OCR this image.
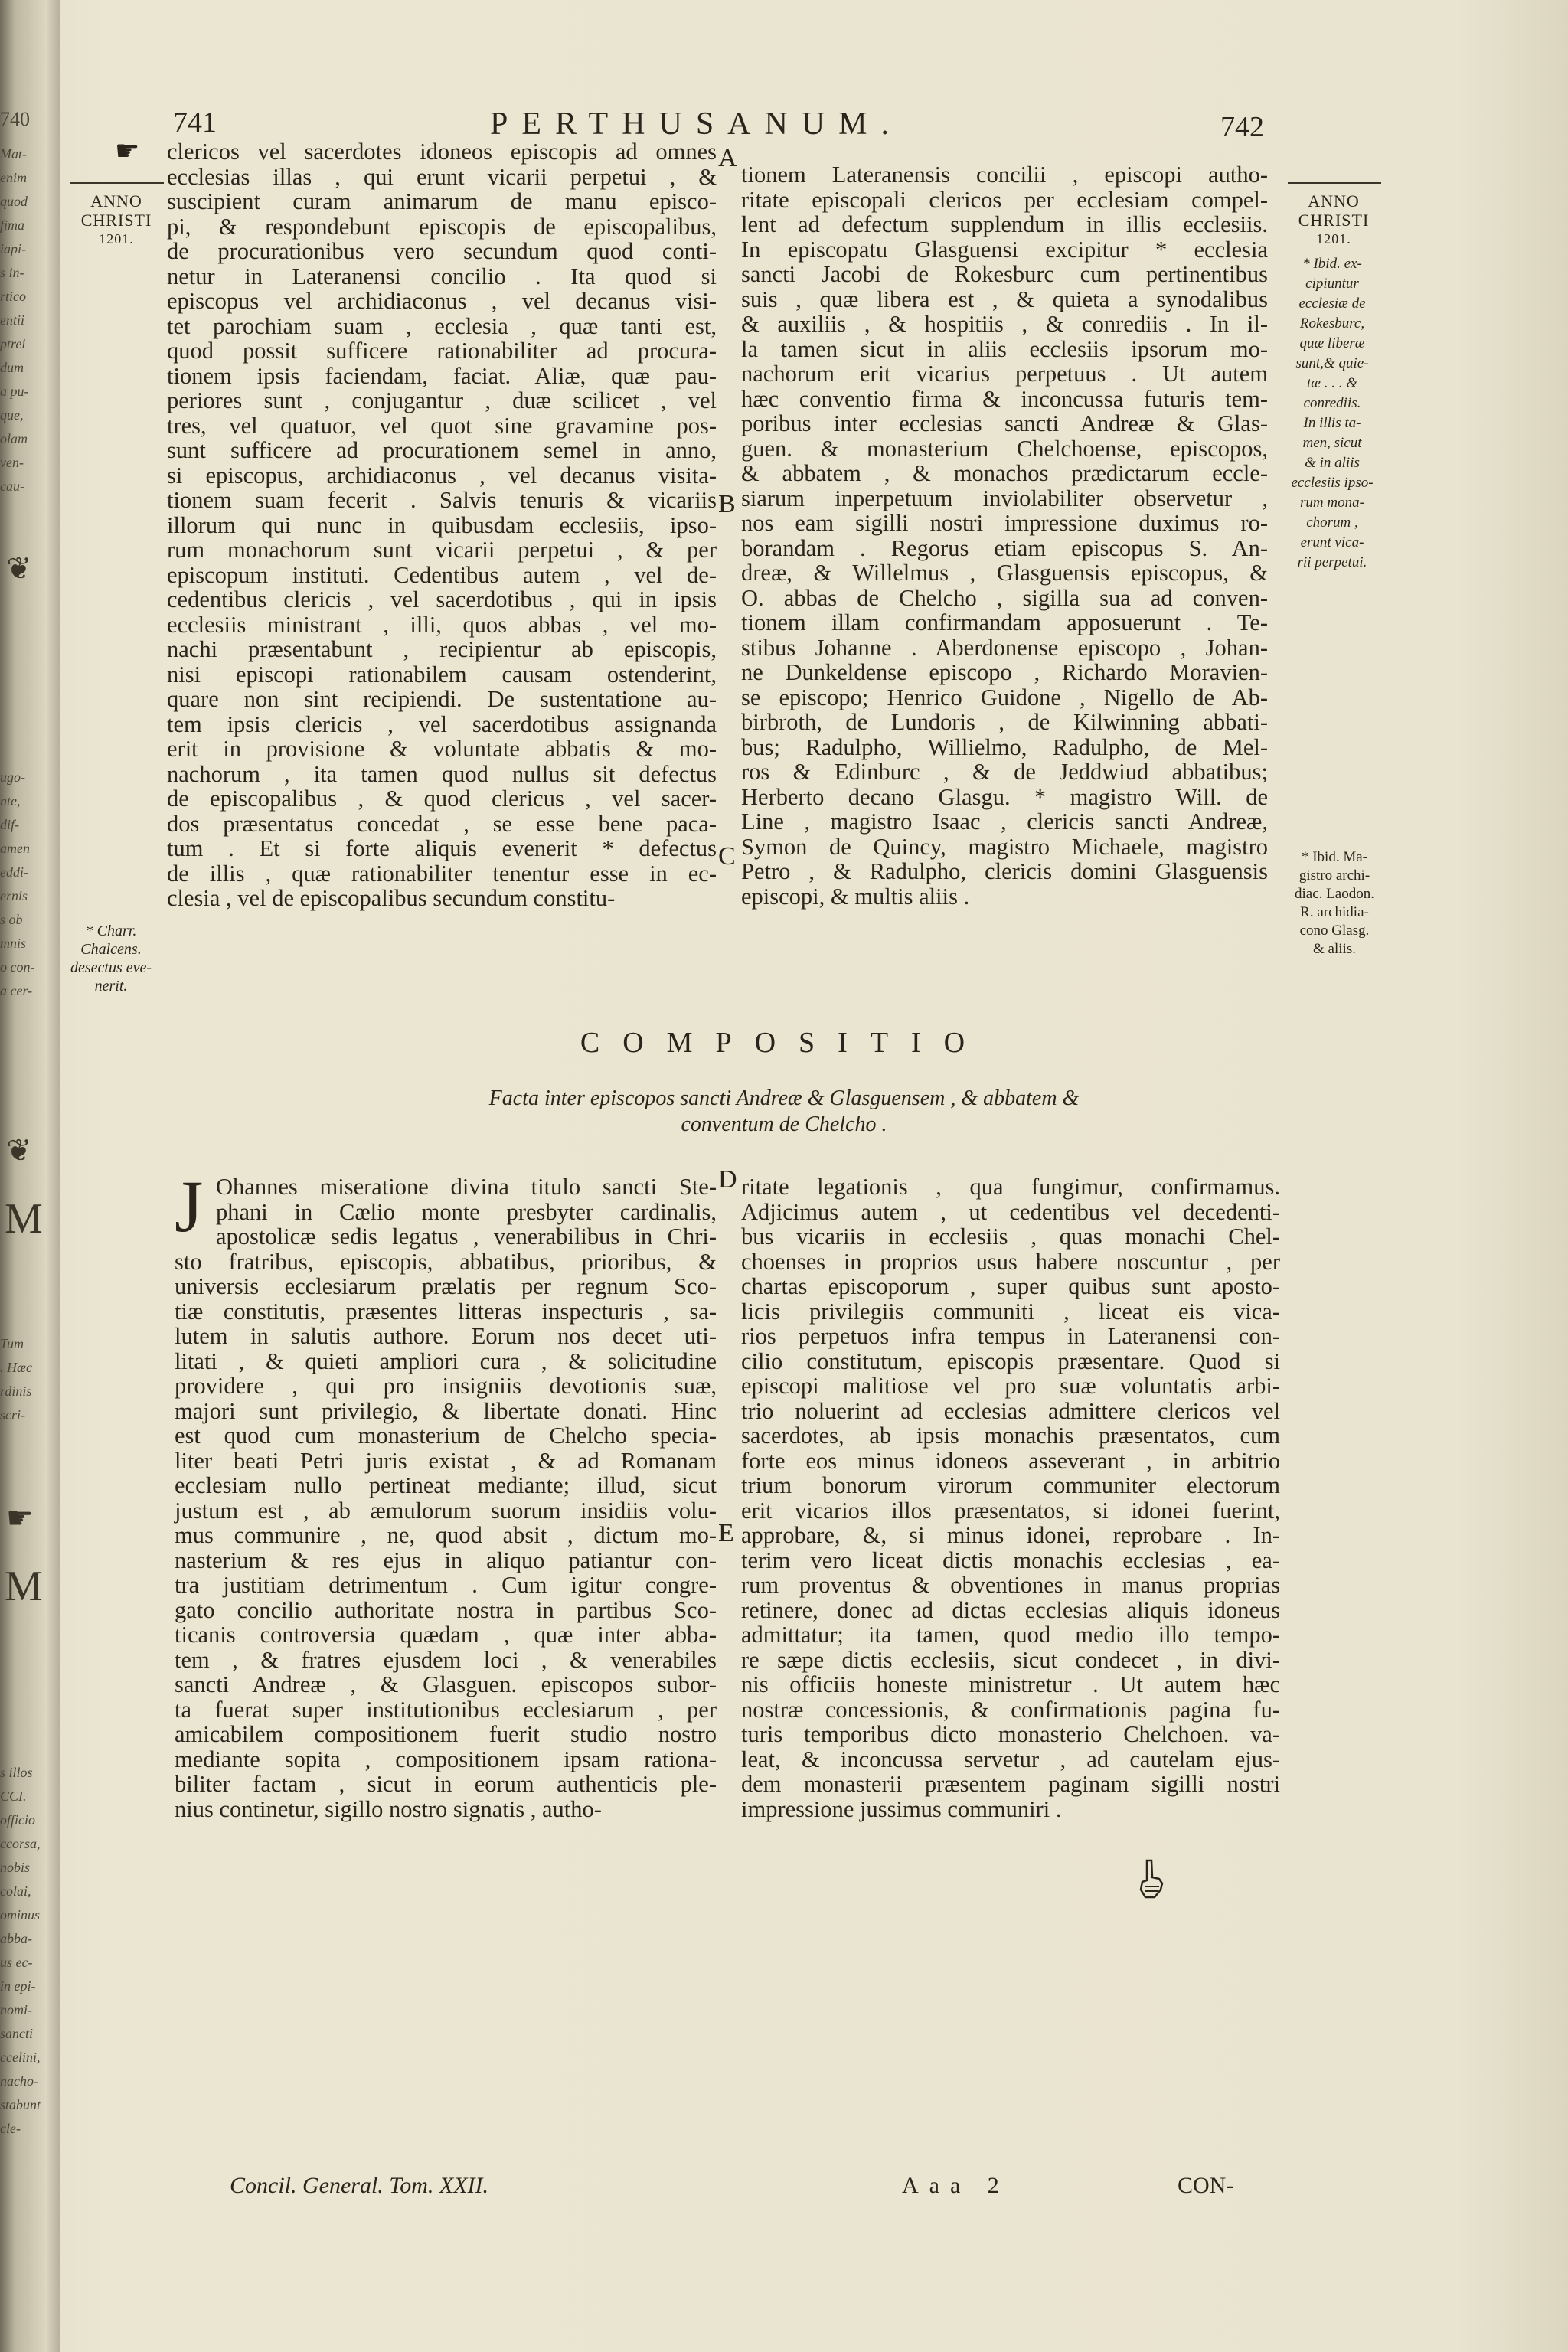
740
Mat-
enim
quod
fima
iapi-
s in-
rtico
entii
ptrei
dum
a pu-
que,
olam
ven-
cau-
❦
ugo-
nte,
dif-
amen
eddi-
ernis
s ob
mnis
o con-
a cer-
❦
M
Tum
. Hæc
rdinis
scri-
☛
M
s illos
CCI.
officio
ccorsa,
nobis
colai,
ominus
abba-
us ec-
in epi-
nomi-
sancti
ccelini,
nacho-
stabunt
cle-
741	PERTHUSANUM.	742
☛
ANNO
CHRISTI
1201.
* Charr.
Chalcens.
desectus eve-
nerit.
ANNO
CHRISTI
1201.
* Ibid. ex-
cipiuntur
ecclesiæ de
Rokesburc,
quæ liberæ
sunt,& quie-
tæ . . . &
conrediis.
In illis ta-
men, sicut
& in aliis
ecclesiis ipso-
rum mona-
chorum ,
erunt vica-
rii perpetui.
* Ibid. Ma-
gistro archi-
diac. Laodon.
R. archidia-
cono Glasg.
& aliis.
A
B
C
D
E
clericos vel sacerdotes idoneos episcopis ad omnes
ecclesias illas , qui erunt vicarii perpetui , &
suscipient curam animarum de manu episco-
pi, & respondebunt episcopis de episcopalibus,
de procurationibus vero secundum quod conti-
netur in Lateranensi concilio . Ita quod si
episcopus vel archidiaconus , vel decanus visi-
tet parochiam suam , ecclesia , quæ tanti est,
quod possit sufficere rationabiliter ad procura-
tionem ipsis faciendam, faciat. Aliæ, quæ pau-
periores sunt , conjugantur , duæ scilicet , vel
tres, vel quatuor, vel quot sine gravamine pos-
sunt sufficere ad procurationem semel in anno,
si episcopus, archidiaconus , vel decanus visita-
tionem suam fecerit . Salvis tenuris & vicariis
illorum qui nunc in quibusdam ecclesiis, ipso-
rum monachorum sunt vicarii perpetui , & per
episcopum instituti. Cedentibus autem , vel de-
cedentibus clericis , vel sacerdotibus , qui in ipsis
ecclesiis ministrant , illi, quos abbas , vel mo-
nachi præsentabunt , recipientur ab episcopis,
nisi episcopi rationabilem causam ostenderint,
quare non sint recipiendi. De sustentatione au-
tem ipsis clericis , vel sacerdotibus assignanda
erit in provisione & voluntate abbatis & mo-
nachorum , ita tamen quod nullus sit defectus
de episcopalibus , & quod clericus , vel sacer-
dos præsentatus concedat , se esse bene paca-
tum . Et si forte aliquis evenerit * defectus
de illis , quæ rationabiliter tenentur esse in ec-
clesia , vel de episcopalibus secundum constitu-
tionem Lateranensis concilii , episcopi autho-
ritate episcopali clericos per ecclesiam compel-
lent ad defectum supplendum in illis ecclesiis.
In episcopatu Glasguensi excipitur * ecclesia
sancti Jacobi de Rokesburc cum pertinentibus
suis , quæ libera est , & quieta a synodalibus
& auxiliis , & hospitiis , & conrediis . In il-
la tamen sicut in aliis ecclesiis ipsorum mo-
nachorum erit vicarius perpetuus . Ut autem
hæc conventio firma & inconcussa futuris tem-
poribus inter ecclesias sancti Andreæ & Glas-
guen. & monasterium Chelchoense, episcopos,
& abbatem , & monachos prædictarum eccle-
siarum inperpetuum inviolabiliter observetur ,
nos eam sigilli nostri impressione duximus ro-
borandam . Regorus etiam episcopus S. An-
dreæ, & Willelmus , Glasguensis episcopus, &
O. abbas de Chelcho , sigilla sua ad conven-
tionem illam confirmandam apposuerunt . Te-
stibus Johanne . Aberdonense episcopo , Johan-
ne Dunkeldense episcopo , Richardo Moravien-
se episcopo; Henrico Guidone , Nigello de Ab-
birbroth, de Lundoris , de Kilwinning abbati-
bus; Radulpho, Willielmo, Radulpho, de Mel-
ros & Edinburc , & de Jeddwiud abbatibus;
Herberto decano Glasgu. * magistro Will. de
Line , magistro Isaac , clericis sancti Andreæ,
Symon de Quincy, magistro Michaele, magistro
Petro , & Radulpho, clericis domini Glasguensis
episcopi, & multis aliis .
COMPOSITIO
Facta inter episcopos sancti Andreæ & Glasguensem , & abbatem &
conventum de Chelcho .
J Ohannes miseratione divina titulo sancti Ste-
phani in Cælio monte presbyter cardinalis,
apostolicæ sedis legatus , venerabilibus in Chri-
sto fratribus, episcopis, abbatibus, prioribus, &
universis ecclesiarum prælatis per regnum Sco-
tiæ constitutis, præsentes litteras inspecturis , sa-
lutem in salutis authore. Eorum nos decet uti-
litati , & quieti ampliori cura , & solicitudine
providere , qui pro insigniis devotionis suæ,
majori sunt privilegio, & libertate donati. Hinc
est quod cum monasterium de Chelcho specia-
liter beati Petri juris existat , & ad Romanam
ecclesiam nullo pertineat mediante; illud, sicut
justum est , ab æmulorum suorum insidiis volu-
mus communire , ne, quod absit , dictum mo-
nasterium & res ejus in aliquo patiantur con-
tra justitiam detrimentum . Cum igitur congre-
gato concilio authoritate nostra in partibus Sco-
ticanis controversia quædam , quæ inter abba-
tem , & fratres ejusdem loci , & venerabiles
sancti Andreæ , & Glasguen. episcopos subor-
ta fuerat super institutionibus ecclesiarum , per
amicabilem compositionem fuerit studio nostro
mediante sopita , compositionem ipsam rationa-
biliter factam , sicut in eorum authenticis ple-
nius continetur, sigillo nostro signatis , autho-
ritate legationis , qua fungimur, confirmamus.
Adjicimus autem , ut cedentibus vel decedenti-
bus vicariis in ecclesiis , quas monachi Chel-
choenses in proprios usus habere noscuntur , per
chartas episcoporum , super quibus sunt aposto-
licis privilegiis communiti , liceat eis vica-
rios perpetuos infra tempus in Lateranensi con-
cilio constitutum, episcopis præsentare. Quod si
episcopi malitiose vel pro suæ voluntatis arbi-
trio noluerint ad ecclesias admittere clericos vel
sacerdotes, ab ipsis monachis præsentatos, cum
forte eos minus idoneos asseverant , in arbitrio
trium bonorum virorum communiter electorum
erit vicarios illos præsentatos, si idonei fuerint,
approbare, &, si minus idonei, reprobare . In-
terim vero liceat dictis monachis ecclesias , ea-
rum proventus & obventiones in manus proprias
retinere, donec ad dictas ecclesias aliquis idoneus
admittatur; ita tamen, quod medio illo tempo-
re sæpe dictis ecclesiis, sicut condecet , in divi-
nis officiis honeste ministretur . Ut autem hæc
nostræ concessionis, & confirmationis pagina fu-
turis temporibus dicto monasterio Chelchoen. va-
leat, & inconcussa servetur , ad cautelam ejus-
dem monasterii præsentem paginam sigilli nostri
impressione jussimus communiri .
Concil. General. Tom. XXII.	Aaa 2	CON-
